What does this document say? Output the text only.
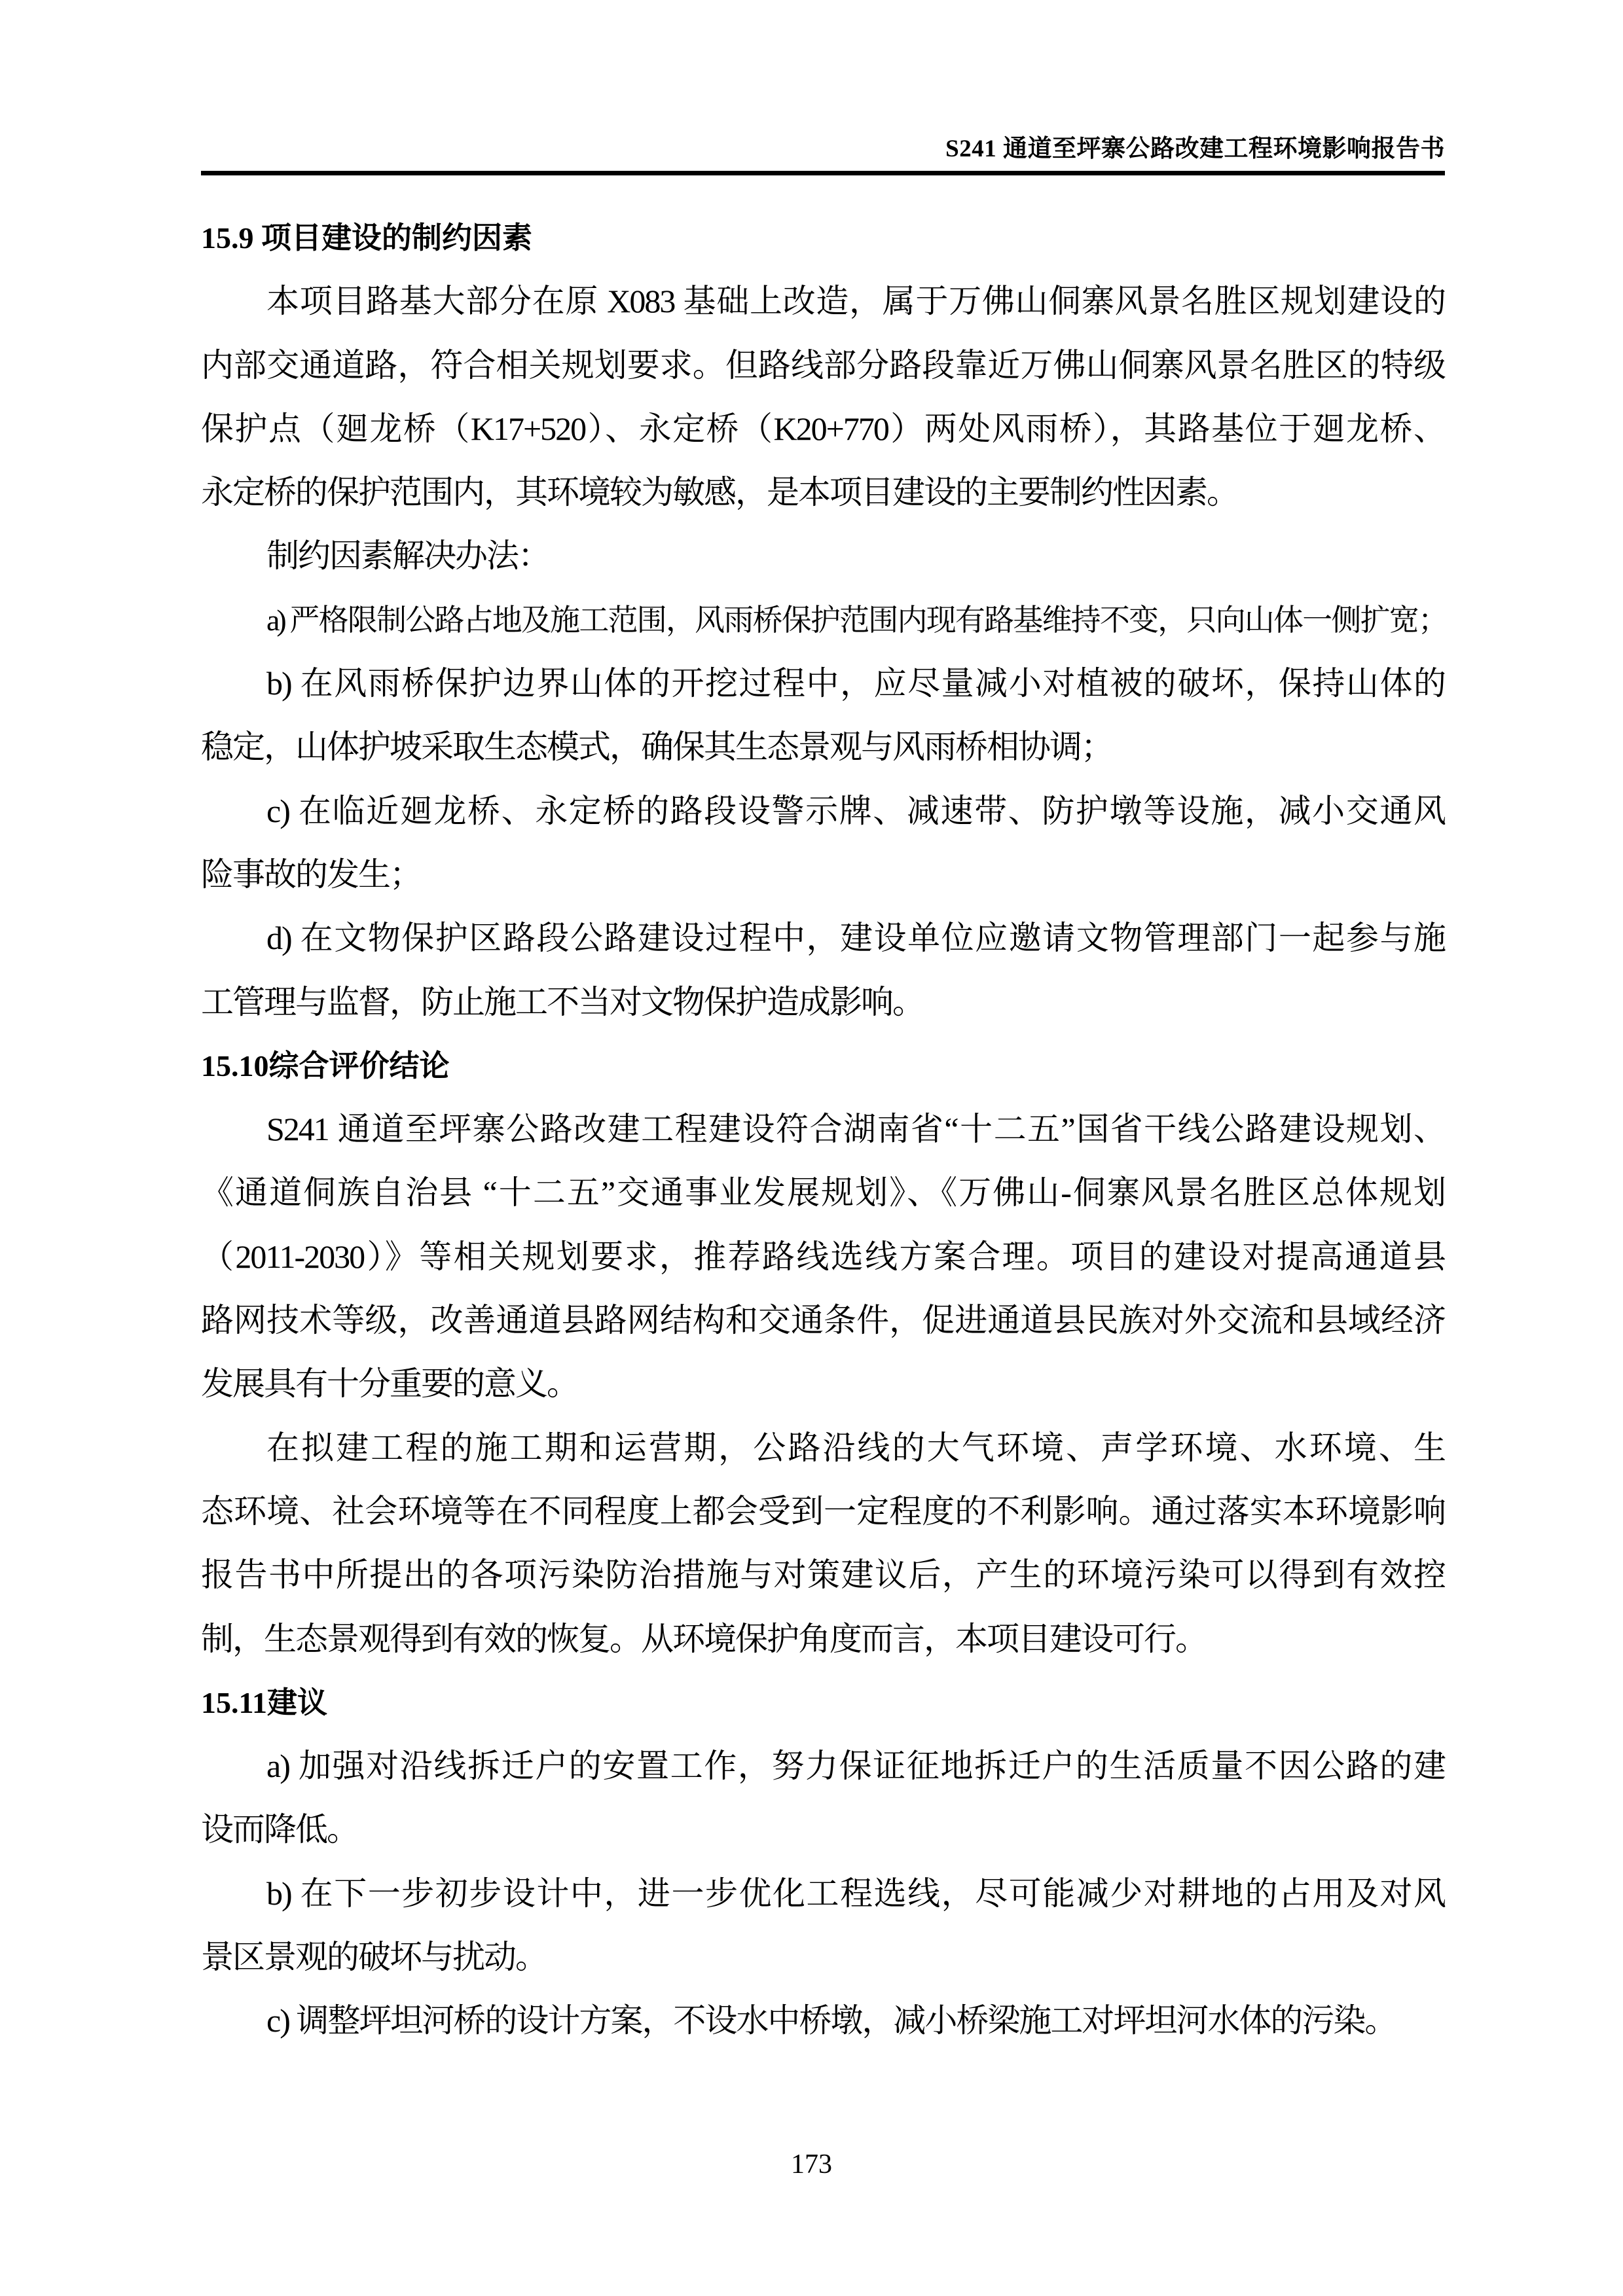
S241 通道至坪寨公路改建工程环境影响报告书
15.9 项目建设的制约因素
本项目路基大部分在原 X083 基础上改造，属于万佛山侗寨风景名胜区规划建设的
内部交通道路，符合相关规划要求。但路线部分路段靠近万佛山侗寨风景名胜区的特级
保护点（廻龙桥（K17+520）、永定桥（K20+770）两处风雨桥），其路基位于廻龙桥、
永定桥的保护范围内，其环境较为敏感，是本项目建设的主要制约性因素。
制约因素解决办法：
a) 严格限制公路占地及施工范围，风雨桥保护范围内现有路基维持不变，只向山体一侧扩宽；
b) 在风雨桥保护边界山体的开挖过程中，应尽量减小对植被的破坏，保持山体的
稳定，山体护坡采取生态模式，确保其生态景观与风雨桥相协调；
c) 在临近廻龙桥、永定桥的路段设警示牌、减速带、防护墩等设施，减小交通风
险事故的发生；
d) 在文物保护区路段公路建设过程中，建设单位应邀请文物管理部门一起参与施
工管理与监督，防止施工不当对文物保护造成影响。
15.10综合评价结论
S241 通道至坪寨公路改建工程建设符合湖南省“十二五”国省干线公路建设规划、
《通道侗族自治县 “十二五”交通事业发展规划》、《万佛山-侗寨风景名胜区总体规划
（2011-2030）》等相关规划要求，推荐路线选线方案合理。项目的建设对提高通道县
路网技术等级，改善通道县路网结构和交通条件，促进通道县民族对外交流和县域经济
发展具有十分重要的意义。
在拟建工程的施工期和运营期，公路沿线的大气环境、声学环境、水环境、生
态环境、社会环境等在不同程度上都会受到一定程度的不利影响。通过落实本环境影响
报告书中所提出的各项污染防治措施与对策建议后，产生的环境污染可以得到有效控
制，生态景观得到有效的恢复。从环境保护角度而言，本项目建设可行。
15.11建议
a) 加强对沿线拆迁户的安置工作，努力保证征地拆迁户的生活质量不因公路的建
设而降低。
b) 在下一步初步设计中，进一步优化工程选线，尽可能减少对耕地的占用及对风
景区景观的破坏与扰动。
c) 调整坪坦河桥的设计方案，不设水中桥墩，减小桥梁施工对坪坦河水体的污染。
173
